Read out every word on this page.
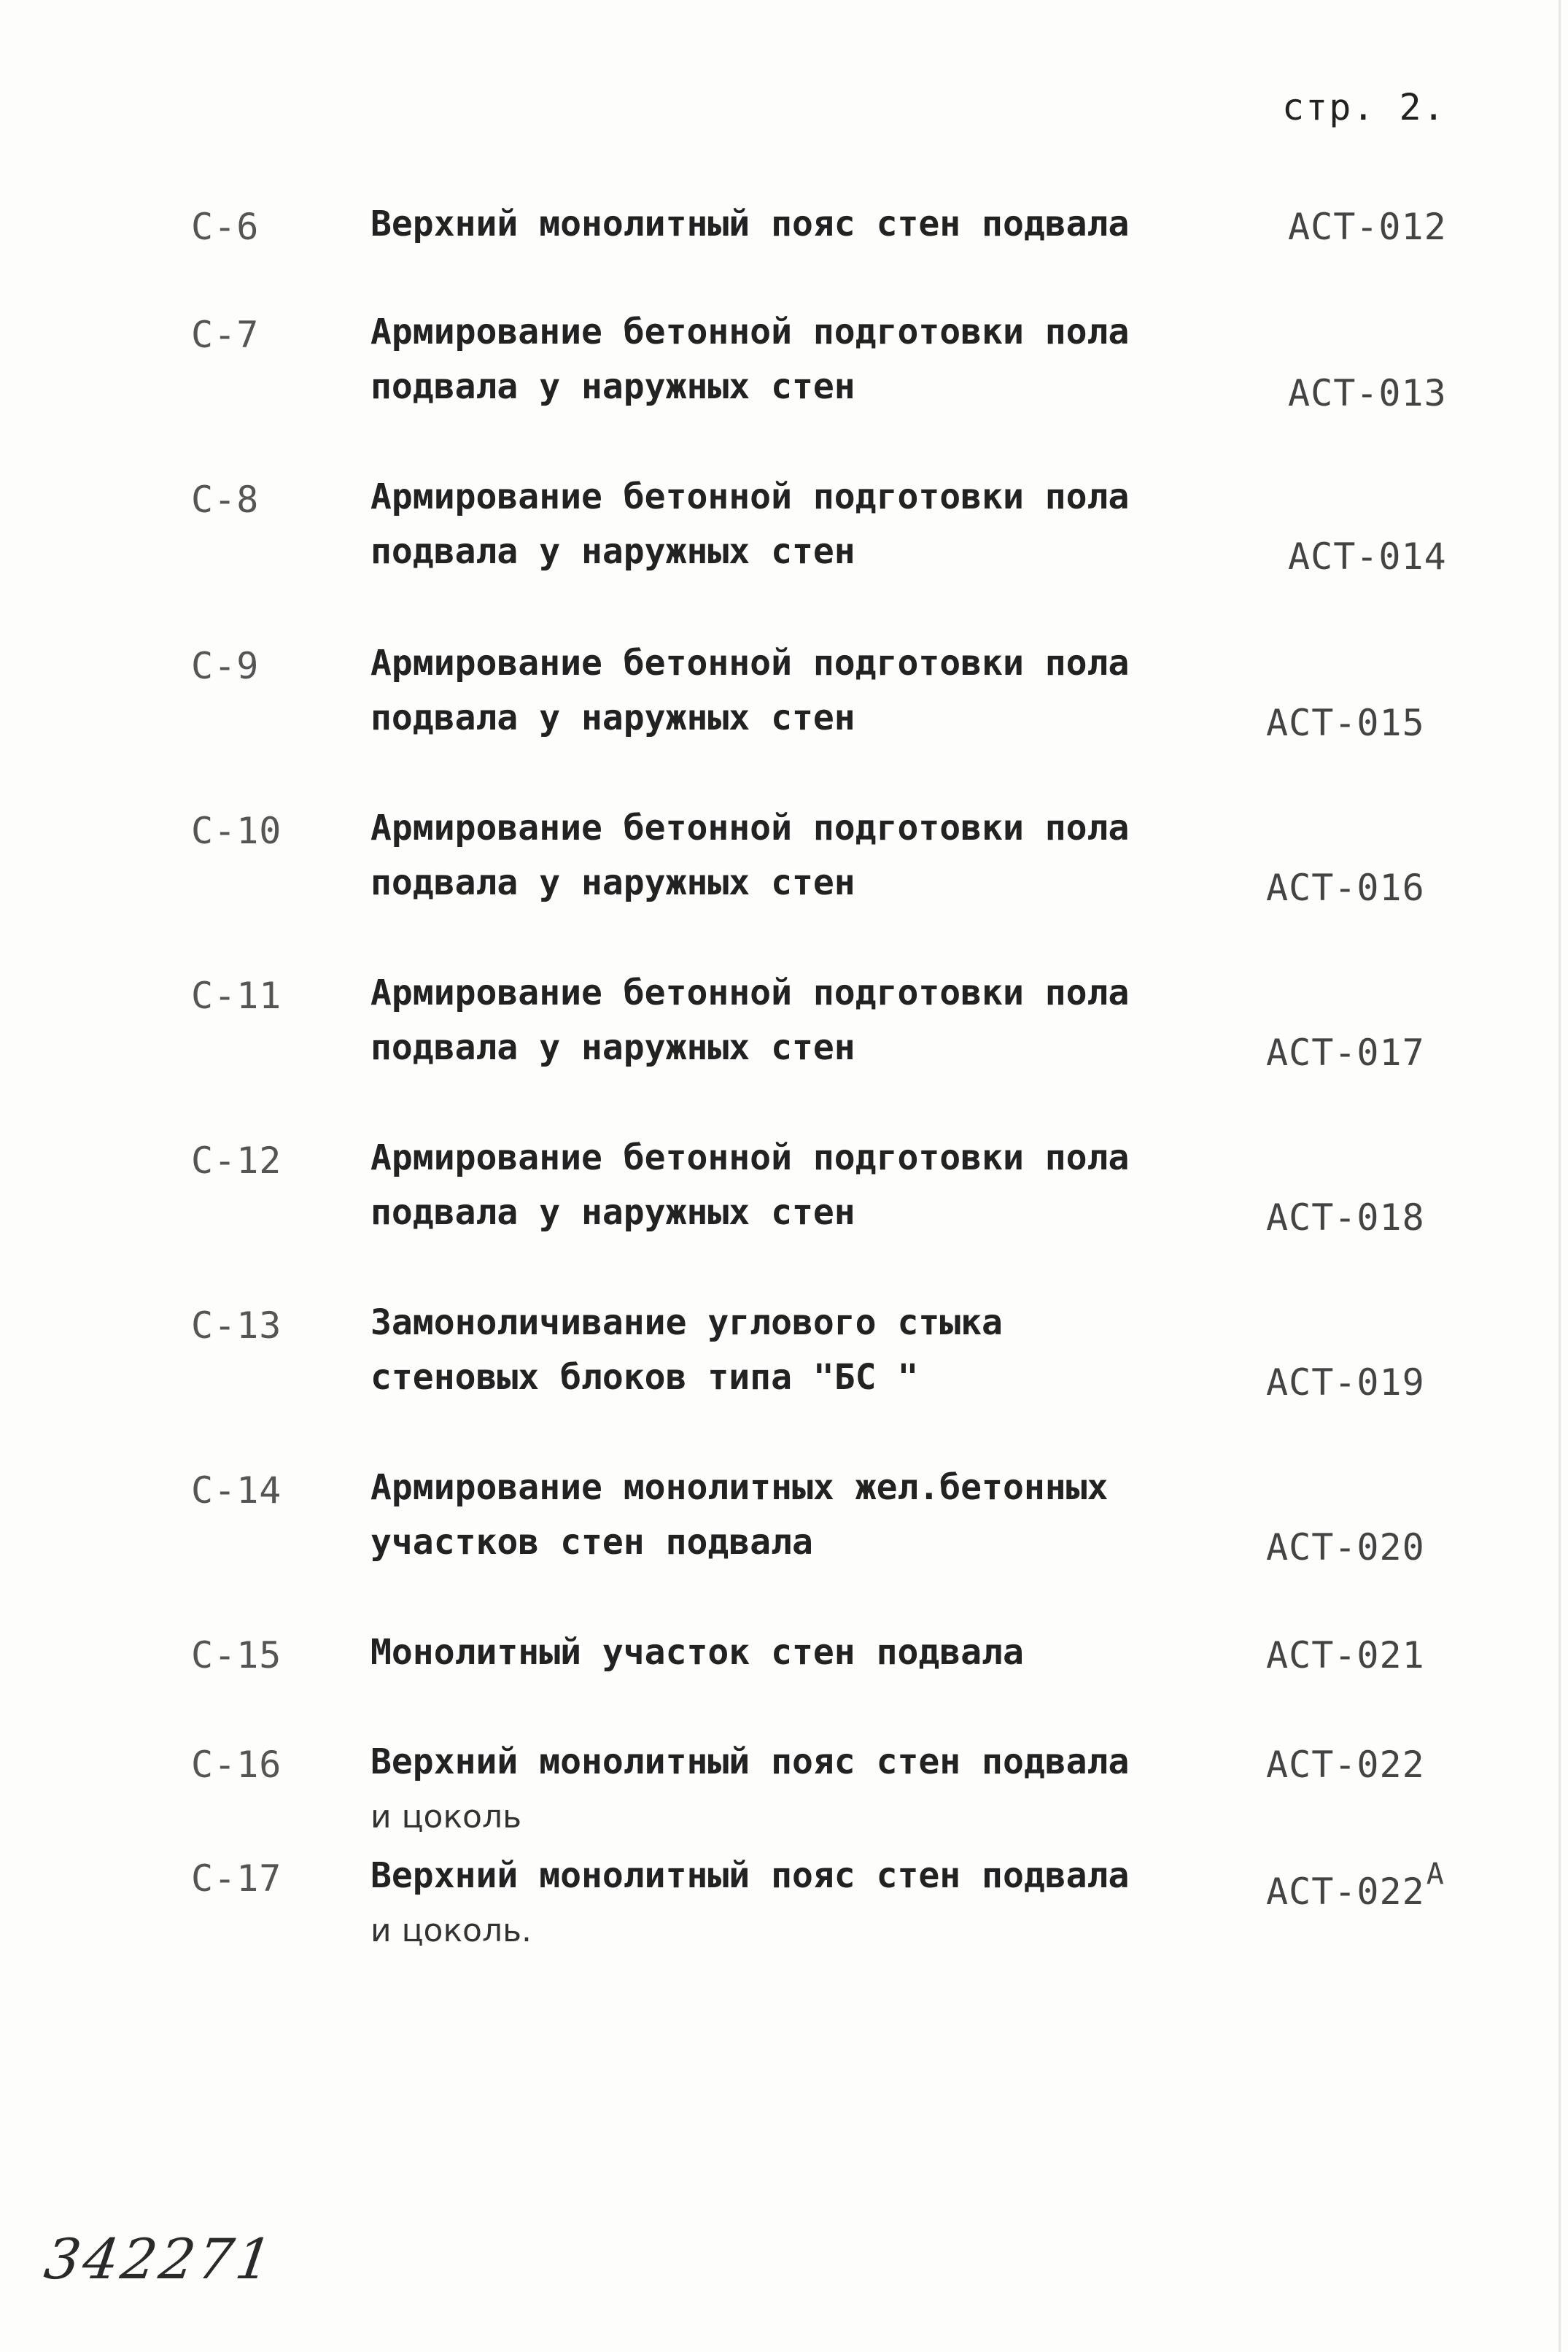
стр. 2.
С-6	Верхний монолитный пояс стен подвала	АСТ-012
С-7	Армирование бетонной подготовки пола
подвала у наружных стен	АСТ-013
С-8	Армирование бетонной подготовки пола
подвала у наружных стен	АСТ-014
С-9	Армирование бетонной подготовки пола
подвала у наружных стен	АСТ-015
С-10	Армирование бетонной подготовки пола
подвала у наружных стен	АСТ-016
С-11	Армирование бетонной подготовки пола
подвала у наружных стен	АСТ-017
С-12	Армирование бетонной подготовки пола
подвала у наружных стен	АСТ-018
С-13	Замоноличивание углового стыка
стеновых блоков типа "БС "	АСТ-019
С-14	Армирование монолитных жел.бетонных
участков стен подвала	АСТ-020
С-15	Монолитный участок стен подвала	АСТ-021
С-16	Верхний монолитный пояс стен подвала
и цоколь
АСТ-022
С-17	Верхний монолитный пояс стен подвала
и цоколь.
АСТ-$022^А$
342271
